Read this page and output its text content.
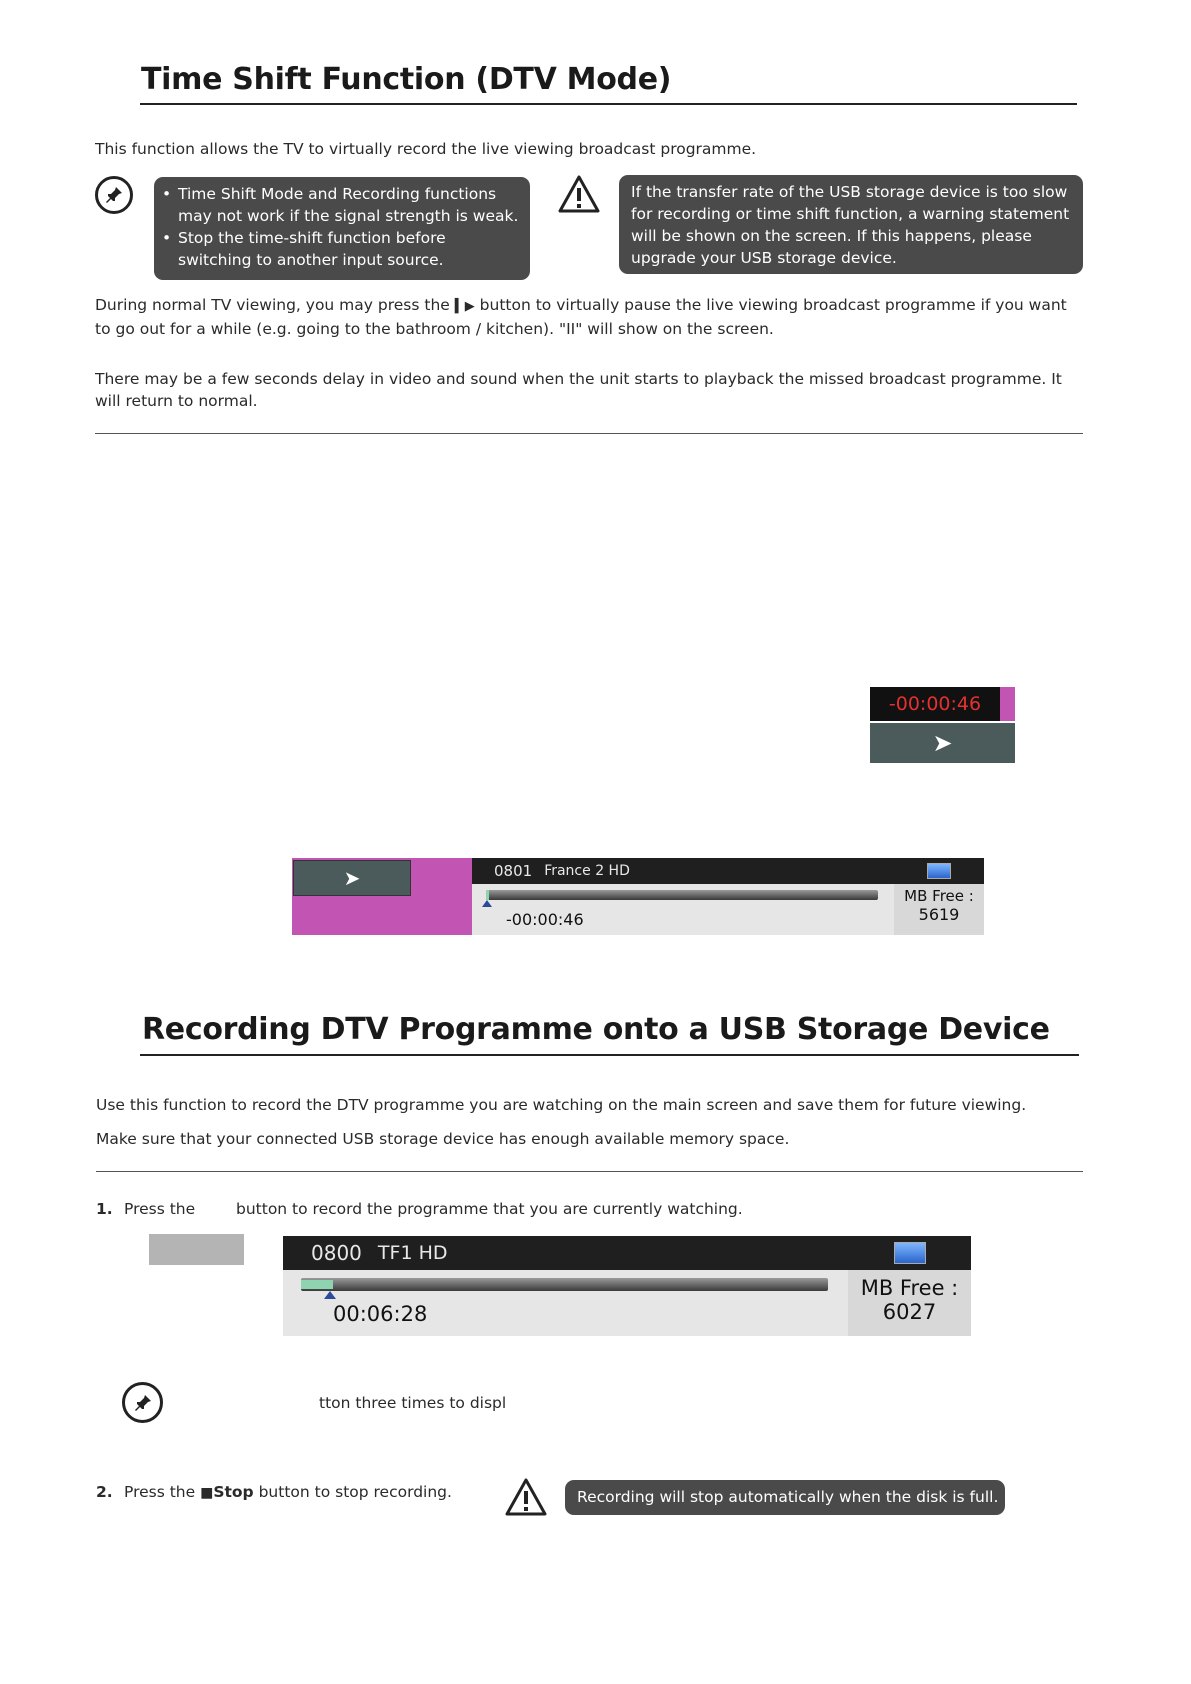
Time Shift Function (DTV Mode)
This function allows the TV to virtually record the live viewing broadcast programme.
• Time Shift Mode and Recording functions may not work if the signal strength is weak.
• Stop the time-shift function before switching to another input source.
If the transfer rate of the USB storage device is too slow for recording or time shift function, a warning statement will be shown on the screen. If this happens, please upgrade your USB storage device.
During normal TV viewing, you may press the ▍▶ button to virtually pause the live viewing broadcast programme if you want to go out for a while (e.g. going to the bathroom / kitchen). "II" will show on the screen.
There may be a few seconds delay in video and sound when the unit starts to playback the missed broadcast programme. It will return to normal.
-00:00:46
➤
➤	0801 France 2 HD
-00:00:46
MB Free :
5619
Recording DTV Programme onto a USB Storage Device
Use this function to record the DTV programme you are watching on the main screen and save them for future viewing.
Make sure that your connected USB storage device has enough available memory space.
1. Press the	button to record the programme that you are currently watching.
0800 TF1 HD
00:06:28
MB Free :
6027
tton three times to displ
2. Press the ■Stop button to stop recording.	Recording will stop automatically when the disk is full.
